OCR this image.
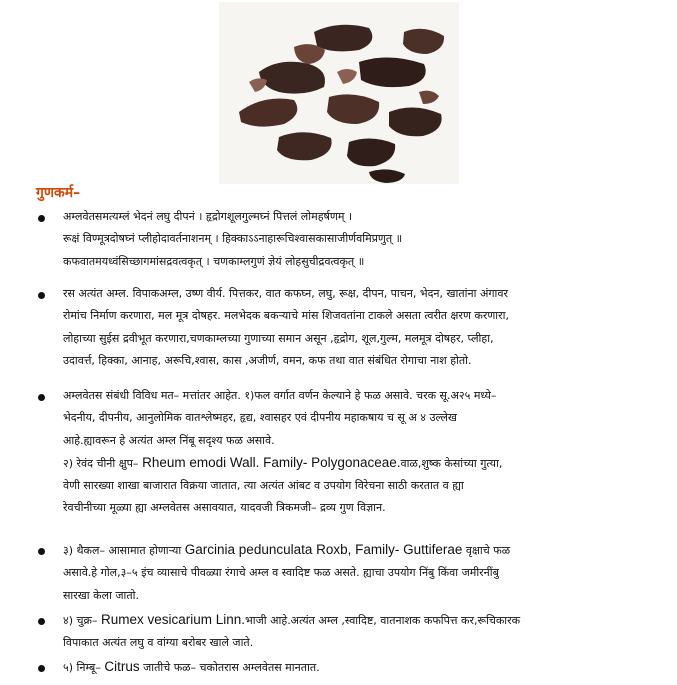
गुणकर्म–
अम्लवेतसमत्यम्लं भेदनं लघु दीपनं । हृद्रोगशूलगुल्मघ्नं पित्तलं लोमहर्षणम् ।
रूक्षं विण्मूत्रदोषघ्नं प्लीहोदावर्तनाशनम् । हिक्काऽऽनाहारूचिश्वासकासाजीर्णवमिप्रणुत् ॥
कफवातमयध्वंसिच्छागमांसद्रवत्वकृत् । चणकाम्लगुणं ज्ञेयं लोहसुचीद्रवत्वकृत् ॥
रस अत्यंत अम्ल. विपाकअम्ल, उष्ण वीर्य. पित्तकर, वात कफघ्न, लघु, रूक्ष, दीपन, पाचन, भेदन, खातांना अंगावर
रोमांच निर्माण करणारा, मल मूत्र दोषहर. मलभेदक बकऱ्याचे मांस शिजवतांना टाकले असता त्वरीत क्षरण करणारा,
लोहाच्या सुईस द्रवीभूत करणारा,चणकाम्लच्या गुणाच्या समान असून ,हृद्रोग, शूल,गुल्म, मलमूत्र दोषहर, प्लीहा,
उदावर्त्त, हिक्का, आनाह, अरूचि,श्वास, कास ,अजीर्ण, वमन, कफ तथा वात संबंधित रोगाचा नाश होतो.
अम्लवेतस संबंधी विविध मत– मत्तांतर आहेत. १)फल वर्गात वर्णन केल्याने हे फळ असावे. चरक सू.अ२५ मध्ये–
भेदनीय, दीपनीय, आनुलोमिक वातश्लेष्महर, हृद्य, श्वासहर एवं दीपनीय महाकषाय च सू अ ४ उल्लेख
आहे.ह्यावरून हे अत्यंत अम्ल निंबू सदृश्य फळ असावे.
२) रेवंद चीनी क्षुप– Rheum emodi Wall. Family- Polygonaceae.वाळ,शुष्क केसांच्या गुत्या,
वेणी सारख्या शाखा बाजारात विक्रया जातात, त्या अत्यंत आंबट व उपयोग विरेचना साठी करतात व ह्या
रेवचीनीच्या मूळ्या ह्या अम्लवेतस असावयात, यादवजी त्रिकमजी– द्रव्य गुण विज्ञान.
३) थैकल– आसामात होणाऱ्या Garcinia pedunculata Roxb, Family- Guttiferae वृक्षाचे फळ
असावे.हे गोल,३–५ इंच व्यासाचे पीवळ्या रंगाचे अम्ल व स्वादिष्ट फळ असते. ह्याचा उपयोग निंबु किंवा जमीरनींबु
सारखा केला जातो.
४) चुक्र– Rumex vesicarium Linn.भाजी आहे.अत्यंत अम्ल ,स्वादिष्ट, वातनाशक कफपित्त कर,रूचिकारक
विपाकात अत्यंत लघु व वांग्या बरोबर खाले जाते.
५) निम्बू– Citrus जातीचे फळ– चकोतरास अम्लवेतस मानतात.
